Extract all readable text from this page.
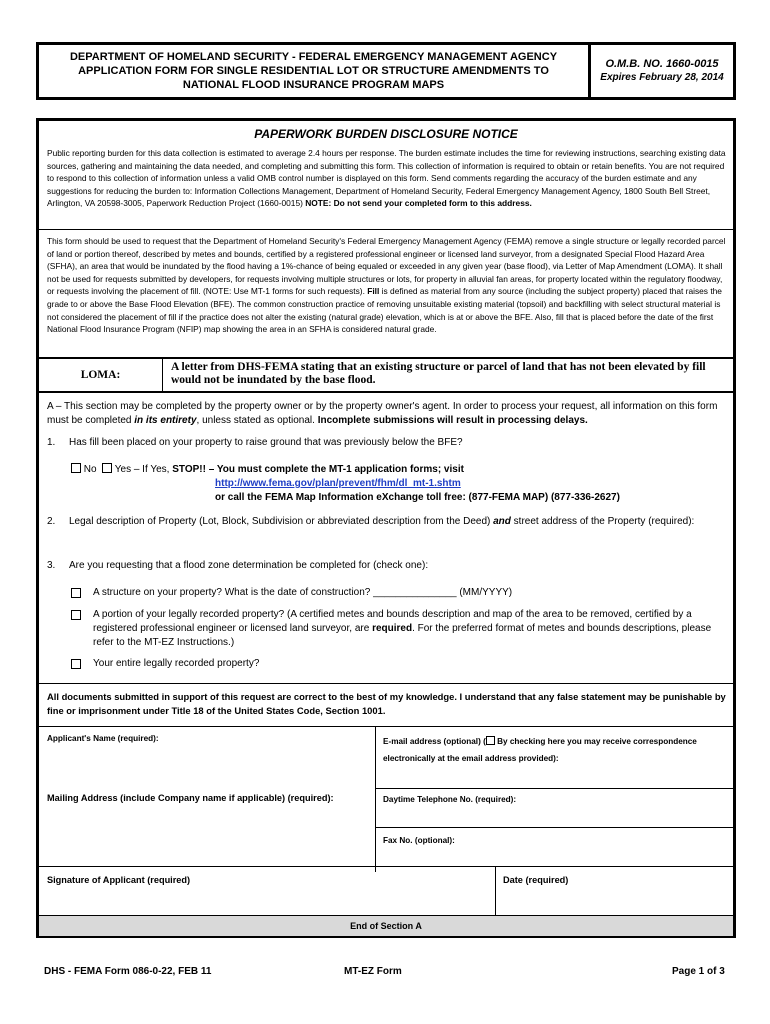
DEPARTMENT OF HOMELAND SECURITY - FEDERAL EMERGENCY MANAGEMENT AGENCY
APPLICATION FORM FOR SINGLE RESIDENTIAL LOT OR STRUCTURE AMENDMENTS TO
NATIONAL FLOOD INSURANCE PROGRAM MAPS
O.M.B. NO. 1660-0015
Expires February 28, 2014
PAPERWORK BURDEN DISCLOSURE NOTICE
Public reporting burden for this data collection is estimated to average 2.4 hours per response. The burden estimate includes the time for reviewing instructions, searching existing data sources, gathering and maintaining the data needed, and completing and submitting this form. This collection of information is required to obtain or retain benefits. You are not required to respond to this collection of information unless a valid OMB control number is displayed on this form. Send comments regarding the accuracy of the burden estimate and any suggestions for reducing the burden to: Information Collections Management, Department of Homeland Security, Federal Emergency Management Agency, 1800 South Bell Street, Arlington, VA 20598-3005, Paperwork Reduction Project (1660-0015) NOTE: Do not send your completed form to this address.
This form should be used to request that the Department of Homeland Security's Federal Emergency Management Agency (FEMA) remove a single structure or legally recorded parcel of land or portion thereof, described by metes and bounds, certified by a registered professional engineer or licensed land surveyor, from a designated Special Flood Hazard Area (SFHA), an area that would be inundated by the flood having a 1%-chance of being equaled or exceeded in any given year (base flood), via Letter of Map Amendment (LOMA). It shall not be used for requests submitted by developers, for requests involving multiple structures or lots, for property in alluvial fan areas, for property located within the regulatory floodway, or requests involving the placement of fill. (NOTE: Use MT-1 forms for such requests). Fill is defined as material from any source (including the subject property) placed that raises the grade to or above the Base Flood Elevation (BFE). The common construction practice of removing unsuitable existing material (topsoil) and backfilling with select structural material is not considered the placement of fill if the practice does not alter the existing (natural grade) elevation, which is at or above the BFE. Also, fill that is placed before the date of the first National Flood Insurance Program (NFIP) map showing the area in an SFHA is considered natural grade.
LOMA:
A letter from DHS-FEMA stating that an existing structure or parcel of land that has not been elevated by fill would not be inundated by the base flood.
A – This section may be completed by the property owner or by the property owner's agent. In order to process your request, all information on this form must be completed in its entirety, unless stated as optional. Incomplete submissions will result in processing delays.
1. Has fill been placed on your property to raise ground that was previously below the BFE?
No Yes – If Yes, STOP!! – You must complete the MT-1 application forms; visit
http://www.fema.gov/plan/prevent/fhm/dl_mt-1.shtm
or call the FEMA Map Information eXchange toll free: (877-FEMA MAP) (877-336-2627)
2. Legal description of Property (Lot, Block, Subdivision or abbreviated description from the Deed) and street address of the Property (required):
3. Are you requesting that a flood zone determination be completed for (check one):
A structure on your property? What is the date of construction? _______________ (MM/YYYY)
A portion of your legally recorded property? (A certified metes and bounds description and map of the area to be removed, certified by a registered professional engineer or licensed land surveyor, are required. For the preferred format of metes and bounds descriptions, please refer to the MT-EZ Instructions.)
Your entire legally recorded property?
All documents submitted in support of this request are correct to the best of my knowledge. I understand that any false statement may be punishable by fine or imprisonment under Title 18 of the United States Code, Section 1001.
Applicant's Name (required):	E-mail address (optional) ( By checking here you may receive correspondence electronically at the email address provided):
Mailing Address (include Company name if applicable) (required):	Daytime Telephone No. (required):
Fax No. (optional):
Signature of Applicant (required)	Date (required)
End of Section A
DHS - FEMA Form 086-0-22, FEB 11	MT-EZ Form	Page 1 of 3
